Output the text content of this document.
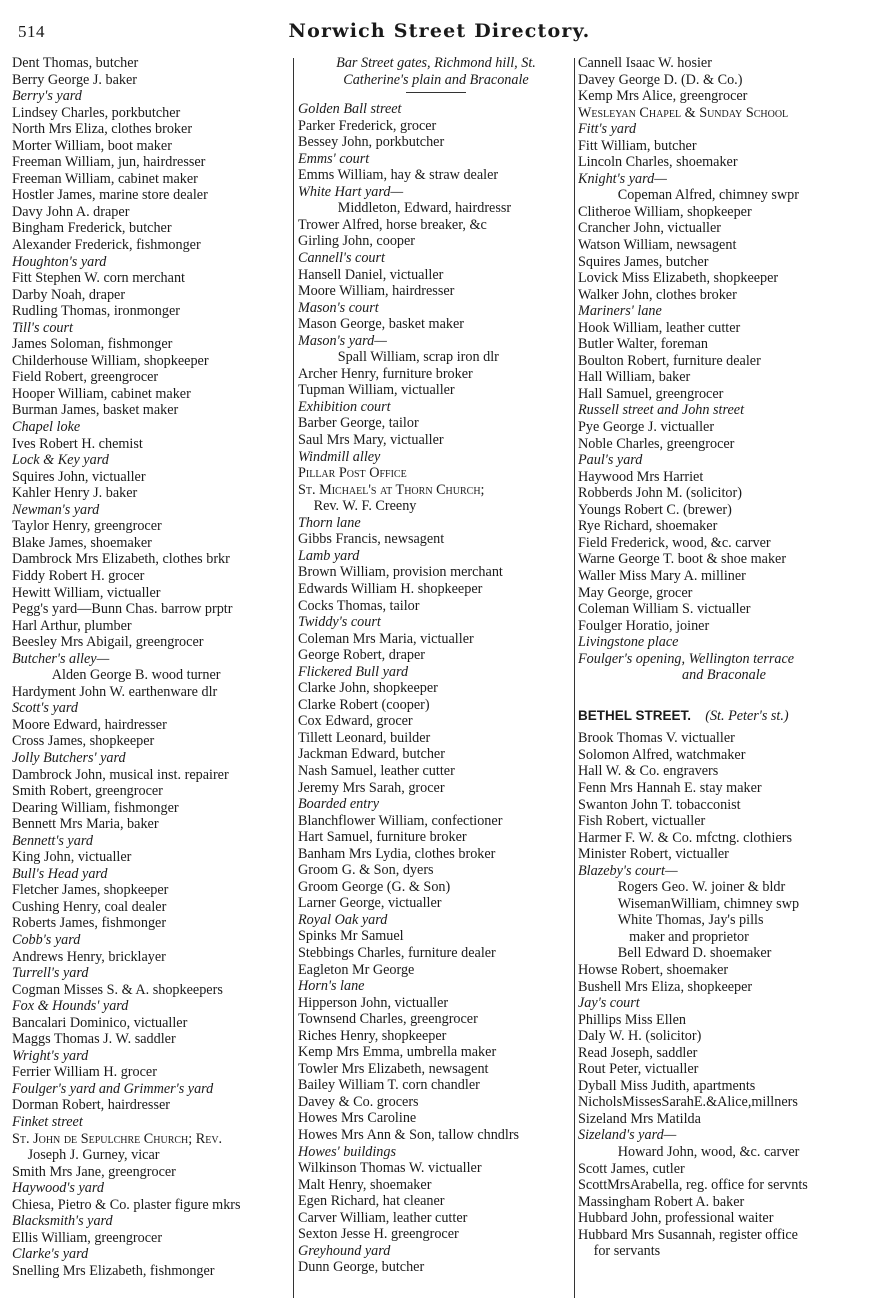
514	Norwich Street Directory.
Dent Thomas, butcher
Berry George J. baker
Berry's yard
Lindsey Charles, porkbutcher
North Mrs Eliza, clothes broker
Morter William, boot maker
Freeman William, jun, hairdresser
Freeman William, cabinet maker
Hostler James, marine store dealer
Davy John A. draper
Bingham Frederick, butcher
Alexander Frederick, fishmonger
Houghton's yard
Fitt Stephen W. corn merchant
Darby Noah, draper
Rudling Thomas, ironmonger
Till's court
James Soloman, fishmonger
Childerhouse William, shopkeeper
Field Robert, greengrocer
Hooper William, cabinet maker
Burman James, basket maker
Chapel loke
Ives Robert H. chemist
Lock & Key yard
Squires John, victualler
Kahler Henry J. baker
Newman's yard
Taylor Henry, greengrocer
Blake James, shoemaker
Dambrock Mrs Elizabeth, clothes brkr
Fiddy Robert H. grocer
Hewitt William, victualler
Pegg's yard—Bunn Chas. barrow prptr
Harl Arthur, plumber
Beesley Mrs Abigail, greengrocer
Butcher's alley—
Alden George B. wood turner
Hardyment John W. earthenware dlr
Scott's yard
Moore Edward, hairdresser
Cross James, shopkeeper
Jolly Butchers' yard
Dambrock John, musical inst. repairer
Smith Robert, greengrocer
Dearing William, fishmonger
Bennett Mrs Maria, baker
Bennett's yard
King John, victualler
Bull's Head yard
Fletcher James, shopkeeper
Cushing Henry, coal dealer
Roberts James, fishmonger
Cobb's yard
Andrews Henry, bricklayer
Turrell's yard
Cogman Misses S. & A. shopkeepers
Fox & Hounds' yard
Bancalari Dominico, victualler
Maggs Thomas J. W. saddler
Wright's yard
Ferrier William H. grocer
Foulger's yard and Grimmer's yard
Dorman Robert, hairdresser
Finket street
St. John de Sepulchre Church; Rev.
Joseph J. Gurney, vicar
Smith Mrs Jane, greengrocer
Haywood's yard
Chiesa, Pietro & Co. plaster figure mkrs
Blacksmith's yard
Ellis William, greengrocer
Clarke's yard
Snelling Mrs Elizabeth, fishmonger
Bar Street gates, Richmond hill, St.
Catherine's plain and Braconale
Golden Ball street
Parker Frederick, grocer
Bessey John, porkbutcher
Emms' court
Emms William, hay & straw dealer
White Hart yard—
Middleton, Edward, hairdressr
Trower Alfred, horse breaker, &c
Girling John, cooper
Cannell's court
Hansell Daniel, victualler
Moore William, hairdresser
Mason's court
Mason George, basket maker
Mason's yard—
Spall William, scrap iron dlr
Archer Henry, furniture broker
Tupman William, victualler
Exhibition court
Barber George, tailor
Saul Mrs Mary, victualler
Windmill alley
Pillar Post Office
St. Michael's at Thorn Church;
Rev. W. F. Creeny
Thorn lane
Gibbs Francis, newsagent
Lamb yard
Brown William, provision merchant
Edwards William H. shopkeeper
Cocks Thomas, tailor
Twiddy's court
Coleman Mrs Maria, victualler
George Robert, draper
Flickered Bull yard
Clarke John, shopkeeper
Clarke Robert (cooper)
Cox Edward, grocer
Tillett Leonard, builder
Jackman Edward, butcher
Nash Samuel, leather cutter
Jeremy Mrs Sarah, grocer
Boarded entry
Blanchflower William, confectioner
Hart Samuel, furniture broker
Banham Mrs Lydia, clothes broker
Groom G. & Son, dyers
Groom George (G. & Son)
Larner George, victualler
Royal Oak yard
Spinks Mr Samuel
Stebbings Charles, furniture dealer
Eagleton Mr George
Horn's lane
Hipperson John, victualler
Townsend Charles, greengrocer
Riches Henry, shopkeeper
Kemp Mrs Emma, umbrella maker
Towler Mrs Elizabeth, newsagent
Bailey William T. corn chandler
Davey & Co. grocers
Howes Mrs Caroline
Howes Mrs Ann & Son, tallow chndlrs
Howes' buildings
Wilkinson Thomas W. victualler
Malt Henry, shoemaker
Egen Richard, hat cleaner
Carver William, leather cutter
Sexton Jesse H. greengrocer
Greyhound yard
Dunn George, butcher
Cannell Isaac W. hosier
Davey George D. (D. & Co.)
Kemp Mrs Alice, greengrocer
Wesleyan Chapel & Sunday School
Fitt's yard
Fitt William, butcher
Lincoln Charles, shoemaker
Knight's yard—
Copeman Alfred, chimney swpr
Clitheroe William, shopkeeper
Crancher John, victualler
Watson William, newsagent
Squires James, butcher
Lovick Miss Elizabeth, shopkeeper
Walker John, clothes broker
Mariners' lane
Hook William, leather cutter
Butler Walter, foreman
Boulton Robert, furniture dealer
Hall William, baker
Hall Samuel, greengrocer
Russell street and John street
Pye George J. victualler
Noble Charles, greengrocer
Paul's yard
Haywood Mrs Harriet
Robberds John M. (solicitor)
Youngs Robert C. (brewer)
Rye Richard, shoemaker
Field Frederick, wood, &c. carver
Warne George T. boot & shoe maker
Waller Miss Mary A. milliner
May George, grocer
Coleman William S. victualler
Foulger Horatio, joiner
Livingstone place
Foulger's opening, Wellington terrace
and Braconale
BETHEL STREET.  (St. Peter's st.)
Brook Thomas V. victualler
Solomon Alfred, watchmaker
Hall W. & Co. engravers
Fenn Mrs Hannah E. stay maker
Swanton John T. tobacconist
Fish Robert, victualler
Harmer F. W. & Co. mfctng. clothiers
Minister Robert, victualler
Blazeby's court—
Rogers Geo. W. joiner & bldr
WisemanWilliam, chimney swp
White Thomas, Jay's pills
maker and proprietor
Bell Edward D. shoemaker
Howse Robert, shoemaker
Bushell Mrs Eliza, shopkeeper
Jay's court
Phillips Miss Ellen
Daly W. H. (solicitor)
Read Joseph, saddler
Rout Peter, victualler
Dyball Miss Judith, apartments
NicholsMissesSarahE.&Alice,millners
Sizeland Mrs Matilda
Sizeland's yard—
Howard John, wood, &c. carver
Scott James, cutler
ScottMrsArabella, reg. office for servnts
Massingham Robert A. baker
Hubbard John, professional waiter
Hubbard Mrs Susannah, register office
for servants
